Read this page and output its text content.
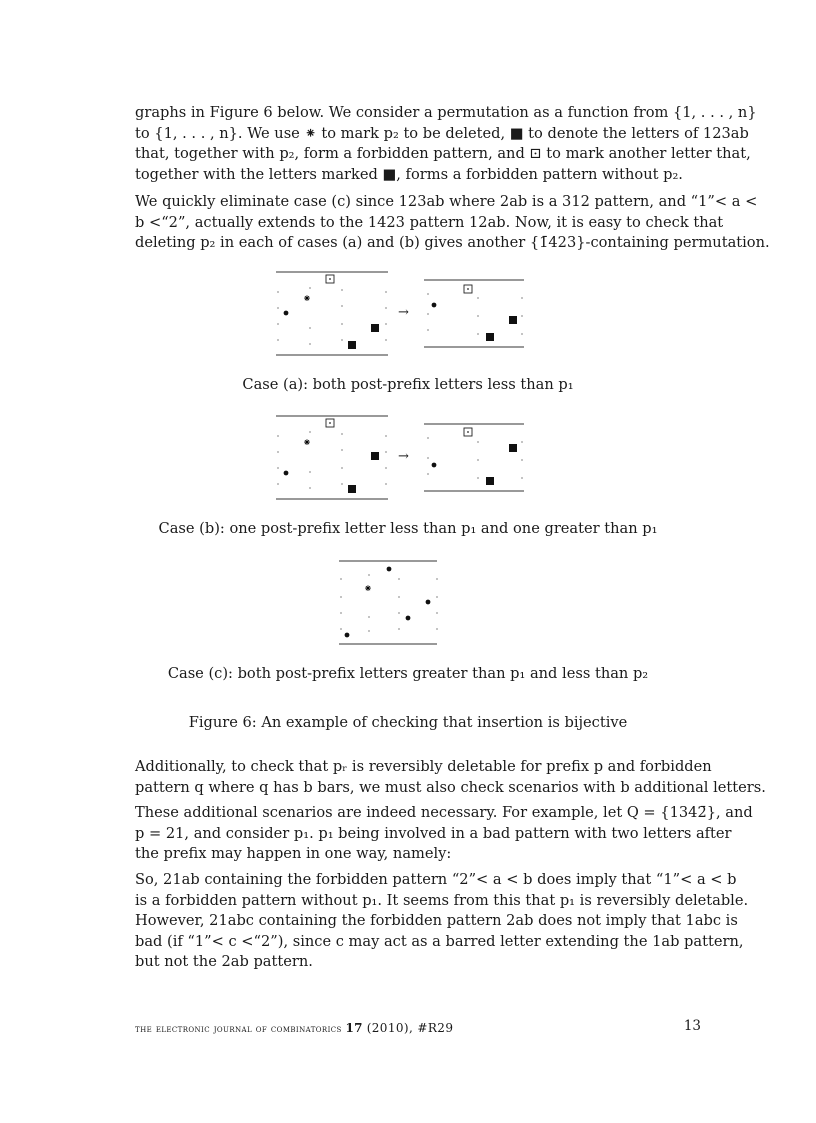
graphs in Figure 6 below. We consider a permutation as a function from {1, . . . , n}
to {1, . . . , n}. We use ⁕ to mark p₂ to be deleted, ■ to denote the letters of 123ab
that, together with p₂, form a forbidden pattern, and ⊡ to mark another letter that,
together with the letters marked ■, forms a forbidden pattern without p₂.
We quickly eliminate case (c) since 123ab where 2ab is a 312 pattern, and “1”< a <
b <“2”, actually extends to the 1423 pattern 12ab. Now, it is easy to check that
deleting p₂ in each of cases (a) and (b) gives another {1̄423}-containing permutation.
⁕
→
Case (a): both post-prefix letters less than p₁
⁕
→
Case (b): one post-prefix letter less than p₁ and one greater than p₁
⁕
Case (c): both post-prefix letters greater than p₁ and less than p₂
Figure 6: An example of checking that insertion is bijective
Additionally, to check that pᵣ is reversibly deletable for prefix p and forbidden
pattern q where q has b bars, we must also check scenarios with b additional letters.
These additional scenarios are indeed necessary. For example, let Q = {1342̄}, and
p = 21, and consider p₁. p₁ being involved in a bad pattern with two letters after
the prefix may happen in one way, namely:
So, 21ab containing the forbidden pattern “2”< a < b does imply that “1”< a < b
is a forbidden pattern without p₁. It seems from this that p₁ is reversibly deletable.
However, 21abc containing the forbidden pattern 2ab does not imply that 1abc is
bad (if “1”< c <“2”), since c may act as a barred letter extending the 1ab pattern,
but not the 2ab pattern.
the electronic journal of combinatorics 17 (2010), #R29	13
